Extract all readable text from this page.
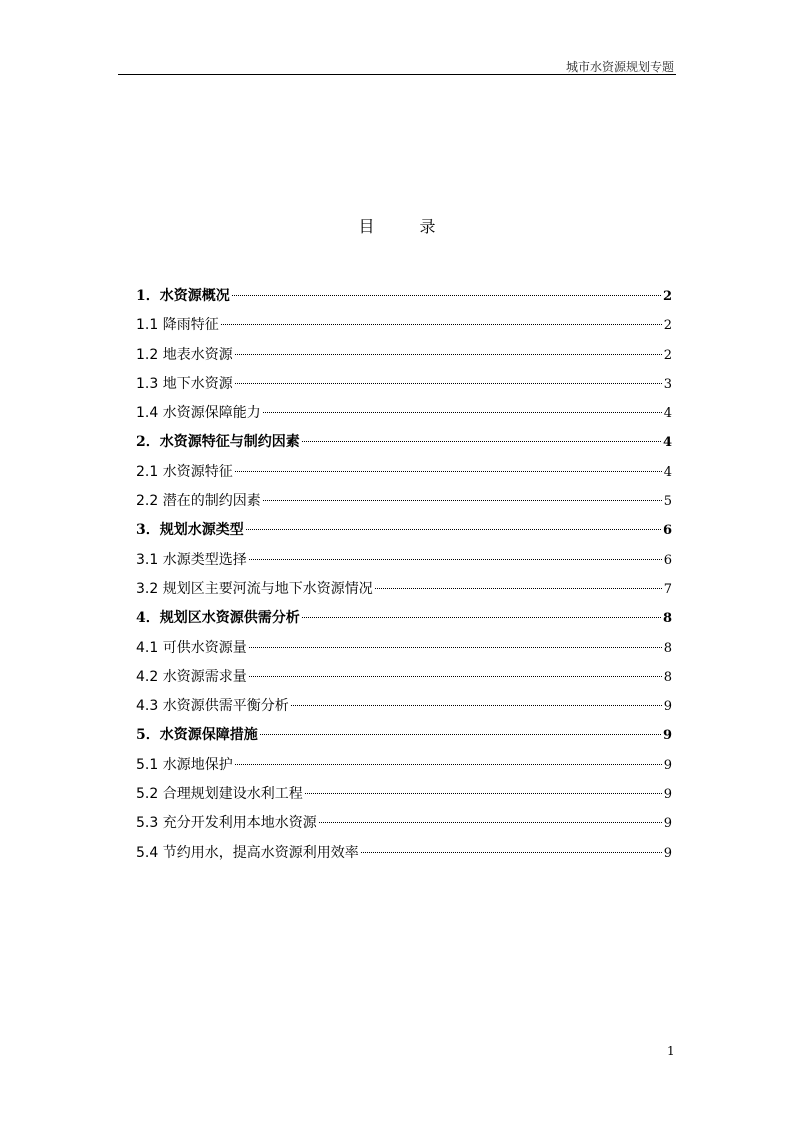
城市水资源规划专题
目 录
1．水资源概况	2
1.1 降雨特征	2
1.2 地表水资源	2
1.3 地下水资源	3
1.4 水资源保障能力	4
2．水资源特征与制约因素	4
2.1 水资源特征	4
2.2 潜在的制约因素	5
3．规划水源类型	6
3.1 水源类型选择	6
3.2 规划区主要河流与地下水资源情况	7
4．规划区水资源供需分析	8
4.1 可供水资源量	8
4.2 水资源需求量	8
4.3 水资源供需平衡分析	9
5．水资源保障措施	9
5.1 水源地保护	9
5.2 合理规划建设水利工程	9
5.3 充分开发利用本地水资源	9
5.4 节约用水，提高水资源利用效率	9
1
